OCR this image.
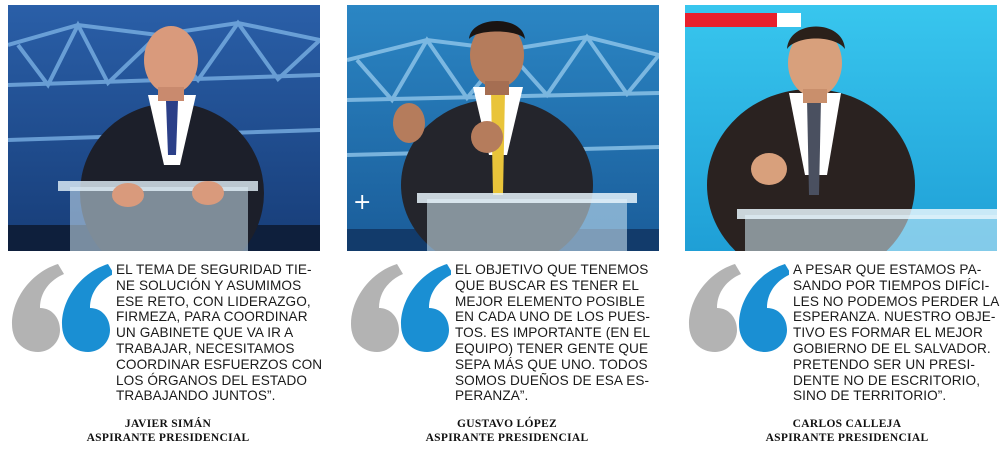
EL TEMA DE SEGURIDAD TIE-
NE SOLUCIÓN Y ASUMIMOS
ESE RETO, CON LIDERAZGO,
FIRMEZA, PARA COORDINAR
UN GABINETE QUE VA IR A
TRABAJAR, NECESITAMOS
COORDINAR ESFUERZOS CON
LOS ÓRGANOS DEL ESTADO
TRABAJANDO JUNTOS”.
JAVIER SIMÁN
ASPIRANTE PRESIDENCIAL
+
EL OBJETIVO QUE TENEMOS
QUE BUSCAR ES TENER EL
MEJOR ELEMENTO POSIBLE
EN CADA UNO DE LOS PUES-
TOS. ES IMPORTANTE (EN EL
EQUIPO) TENER GENTE QUE
SEPA MÁS QUE UNO. TODOS
SOMOS DUEÑOS DE ESA ES-
PERANZA”.
GUSTAVO LÓPEZ
ASPIRANTE PRESIDENCIAL
A PESAR QUE ESTAMOS PA-
SANDO POR TIEMPOS DIFÍCI-
LES NO PODEMOS PERDER LA
ESPERANZA. NUESTRO OBJE-
TIVO ES FORMAR EL MEJOR
GOBIERNO DE EL SALVADOR.
PRETENDO SER UN PRESI-
DENTE NO DE ESCRITORIO,
SINO DE TERRITORIO”.
CARLOS CALLEJA
ASPIRANTE PRESIDENCIAL
